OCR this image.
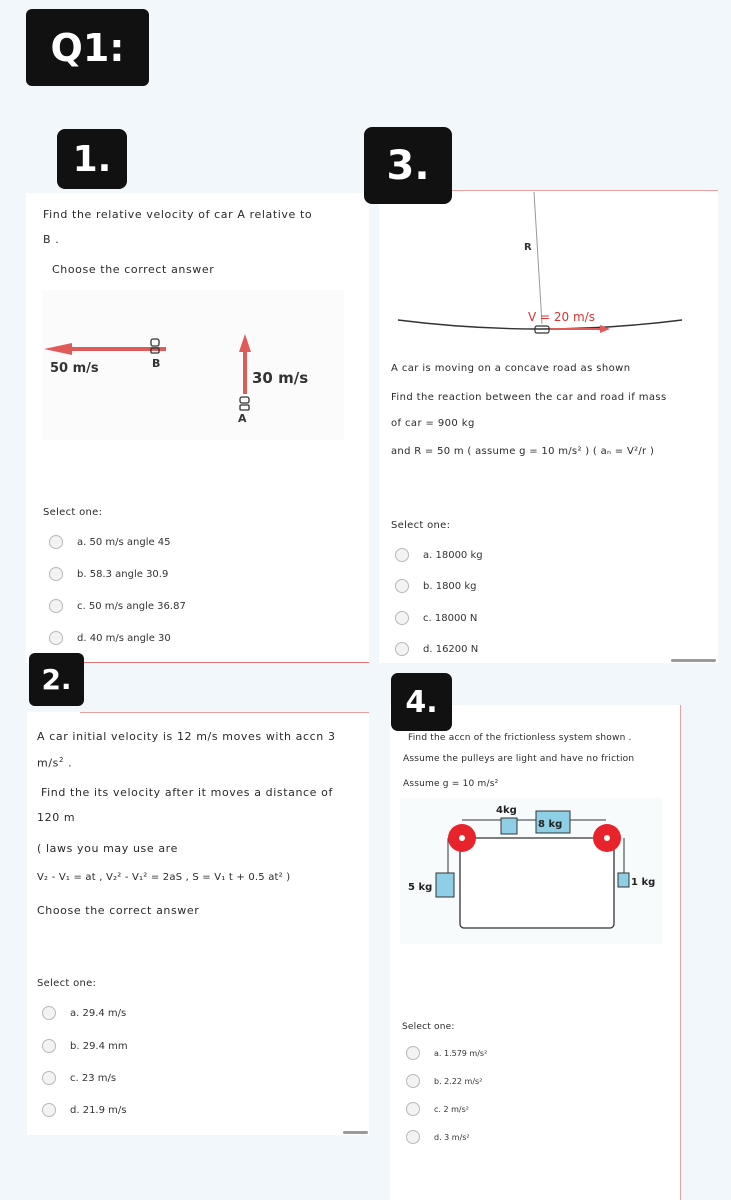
Q1:
1.
Find the relative velocity of car A relative to
B .
Choose the correct answer
50 m/s	B
30 m/s
A
Select one:
a. 50 m/s angle 45
b. 58.3 angle 30.9
c. 50 m/s angle 36.87
d. 40 m/s angle 30
3.
R
V = 20 m/s
A car is moving on a concave road as shown
Find the reaction between the car and road if mass
of car = 900 kg
and R = 50 m ( assume g = 10 m/s² ) ( aₙ = V²/r )
Select one:
a. 18000 kg
b. 1800 kg
c. 18000 N
d. 16200 N
2.
A car initial velocity is 12 m/s moves with accn 3
$m/s^2$ .
Find the its velocity after it moves a distance of
120 m
( laws you may use are
V₂ - V₁ = at , V₂² - V₁² = 2aS , S = V₁ t + 0.5 at² )
Choose the correct answer
Select one:
a. 29.4 m/s
b. 29.4 mm
c. 23 m/s
d. 21.9 m/s
4.
Find the accn of the frictionless system shown .
Assume the pulleys are light and have no friction
Assume g = 10 m/s²
4kg
8 kg
5 kg	1 kg
Select one:
a. 1.579 m/s²
b. 2.22 m/s²
c. 2 m/s²
d. 3 m/s²
